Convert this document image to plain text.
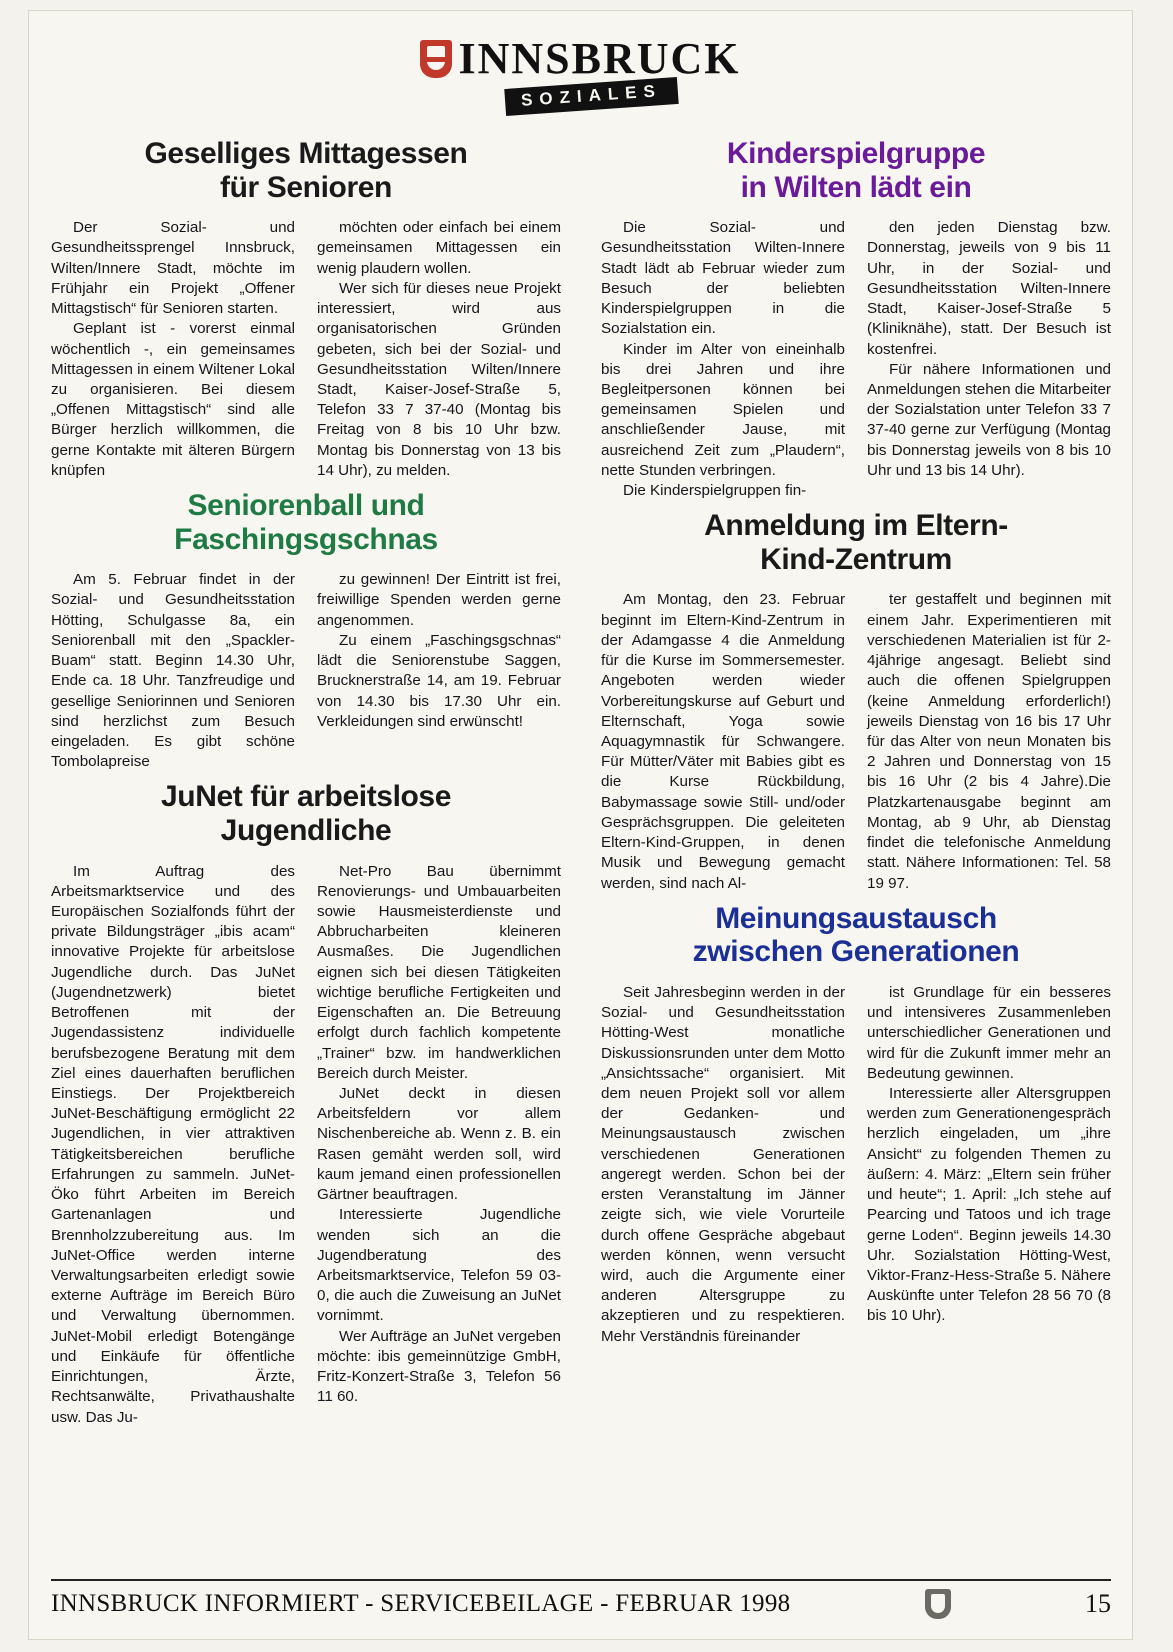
INNSBRUCK
SOZIALES
Geselliges Mittagessen
für Senioren

Der Sozial- und Gesundheitssprengel Innsbruck, Wilten/Innere Stadt, möchte im Frühjahr ein Projekt „Offener Mittagstisch“ für Senioren starten.

Geplant ist - vorerst einmal wöchentlich -, ein gemeinsames Mittagessen in einem Wiltener Lokal zu organisieren. Bei diesem „Offenen Mittagstisch“ sind alle Bürger herzlich willkommen, die gerne Kontakte mit älteren Bürgern knüpfen

möchten oder einfach bei einem gemeinsamen Mittagessen ein wenig plaudern wollen.

Wer sich für dieses neue Projekt interessiert, wird aus organisatorischen Gründen gebeten, sich bei der Sozial- und Gesundheitsstation Wilten/Innere Stadt, Kaiser-Josef-Straße 5, Telefon 33 7 37-40 (Montag bis Freitag von 8 bis 10 Uhr bzw. Montag bis Donnerstag von 13 bis 14 Uhr), zu melden.

Seniorenball und
Faschingsgschnas

Am 5. Februar findet in der Sozial- und Gesundheitsstation Hötting, Schulgasse 8a, ein Seniorenball mit den „Spackler-Buam“ statt. Beginn 14.30 Uhr, Ende ca. 18 Uhr. Tanzfreudige und gesellige Seniorinnen und Senioren sind herzlichst zum Besuch eingeladen. Es gibt schöne Tombolapreise

zu gewinnen! Der Eintritt ist frei, freiwillige Spenden werden gerne angenommen.

Zu einem „Faschingsgschnas“ lädt die Seniorenstube Saggen, Brucknerstraße 14, am 19. Februar von 14.30 bis 17.30 Uhr ein. Verkleidungen sind erwünscht!

JuNet für arbeitslose
Jugendliche

Im Auftrag des Arbeitsmarktservice und des Europäischen Sozialfonds führt der private Bildungsträger „ibis acam“ innovative Projekte für arbeitslose Jugendliche durch. Das JuNet (Jugendnetzwerk) bietet Betroffenen mit der Jugendassistenz individuelle berufsbezogene Beratung mit dem Ziel eines dauerhaften beruflichen Einstiegs. Der Projektbereich JuNet-Beschäftigung ermöglicht 22 Jugendlichen, in vier attraktiven Tätigkeitsbereichen berufliche Erfahrungen zu sammeln. JuNet-Öko führt Arbeiten im Bereich Gartenanlagen und Brennholzzubereitung aus. Im JuNet-Office werden interne Verwaltungsarbeiten erledigt sowie externe Aufträge im Bereich Büro und Verwaltung übernommen. JuNet-Mobil erledigt Botengänge und Einkäufe für öffentliche Einrichtungen, Ärzte, Rechtsanwälte, Privathaushalte usw. Das Ju-

Net-Pro Bau übernimmt Renovierungs- und Umbauarbeiten sowie Hausmeisterdienste und Abbrucharbeiten kleineren Ausmaßes. Die Jugendlichen eignen sich bei diesen Tätigkeiten wichtige berufliche Fertigkeiten und Eigenschaften an. Die Betreuung erfolgt durch fachlich kompetente „Trainer“ bzw. im handwerklichen Bereich durch Meister.

JuNet deckt in diesen Arbeitsfeldern vor allem Nischenbereiche ab. Wenn z. B. ein Rasen gemäht werden soll, wird kaum jemand einen professionellen Gärtner beauftragen.

Interessierte Jugendliche wenden sich an die Jugendberatung des Arbeitsmarktservice, Telefon 59 03-0, die auch die Zuweisung an JuNet vornimmt.

Wer Aufträge an JuNet vergeben möchte: ibis gemeinnützige GmbH, Fritz-Konzert-Straße 3, Telefon 56 11 60.

Kinderspielgruppe
in Wilten lädt ein

Die Sozial- und Gesundheitsstation Wilten-Innere Stadt lädt ab Februar wieder zum Besuch der beliebten Kinderspielgruppen in die Sozialstation ein.

Kinder im Alter von eineinhalb bis drei Jahren und ihre Begleitpersonen können bei gemeinsamen Spielen und anschließender Jause, mit ausreichend Zeit zum „Plaudern“, nette Stunden verbringen.

Die Kinderspielgruppen fin-

den jeden Dienstag bzw. Donnerstag, jeweils von 9 bis 11 Uhr, in der Sozial- und Gesundheitsstation Wilten-Innere Stadt, Kaiser-Josef-Straße 5 (Kliniknähe), statt. Der Besuch ist kostenfrei.

Für nähere Informationen und Anmeldungen stehen die Mitarbeiter der Sozialstation unter Telefon 33 7 37-40 gerne zur Verfügung (Montag bis Donnerstag jeweils von 8 bis 10 Uhr und 13 bis 14 Uhr).

Anmeldung im Eltern-
Kind-Zentrum

Am Montag, den 23. Februar beginnt im Eltern-Kind-Zentrum in der Adamgasse 4 die Anmeldung für die Kurse im Sommersemester. Angeboten werden wieder Vorbereitungskurse auf Geburt und Elternschaft, Yoga sowie Aquagymnastik für Schwangere. Für Mütter/Väter mit Babies gibt es die Kurse Rückbildung, Babymassage sowie Still- und/oder Gesprächsgruppen. Die geleiteten Eltern-Kind-Gruppen, in denen Musik und Bewegung gemacht werden, sind nach Al-

ter gestaffelt und beginnen mit einem Jahr. Experimentieren mit verschiedenen Materialien ist für 2-4jährige angesagt. Beliebt sind auch die offenen Spielgruppen (keine Anmeldung erforderlich!) jeweils Dienstag von 16 bis 17 Uhr für das Alter von neun Monaten bis 2 Jahren und Donnerstag von 15 bis 16 Uhr (2 bis 4 Jahre).Die Platzkartenausgabe beginnt am Montag, ab 9 Uhr, ab Dienstag findet die telefonische Anmeldung statt. Nähere Informationen: Tel. 58 19 97.

Meinungsaustausch
zwischen Generationen

Seit Jahresbeginn werden in der Sozial- und Gesundheitsstation Hötting-West monatliche Diskussionsrunden unter dem Motto „Ansichtssache“ organisiert. Mit dem neuen Projekt soll vor allem der Gedanken- und Meinungsaustausch zwischen verschiedenen Generationen angeregt werden. Schon bei der ersten Veranstaltung im Jänner zeigte sich, wie viele Vorurteile durch offene Gespräche abgebaut werden können, wenn versucht wird, auch die Argumente einer anderen Altersgruppe zu akzeptieren und zu respektieren. Mehr Verständnis füreinander

ist Grundlage für ein besseres und intensiveres Zusammenleben unterschiedlicher Generationen und wird für die Zukunft immer mehr an Bedeutung gewinnen.

Interessierte aller Altersgruppen werden zum Generationengespräch herzlich eingeladen, um „ihre Ansicht“ zu folgenden Themen zu äußern: 4. März: „Eltern sein früher und heute“; 1. April: „Ich stehe auf Pearcing und Tatoos und ich trage gerne Loden“. Beginn jeweils 14.30 Uhr. Sozialstation Hötting-West, Viktor-Franz-Hess-Straße 5. Nähere Auskünfte unter Telefon 28 56 70 (8 bis 10 Uhr).

INNSBRUCK INFORMIERT - SERVICEBEILAGE - FEBRUAR 1998	15
